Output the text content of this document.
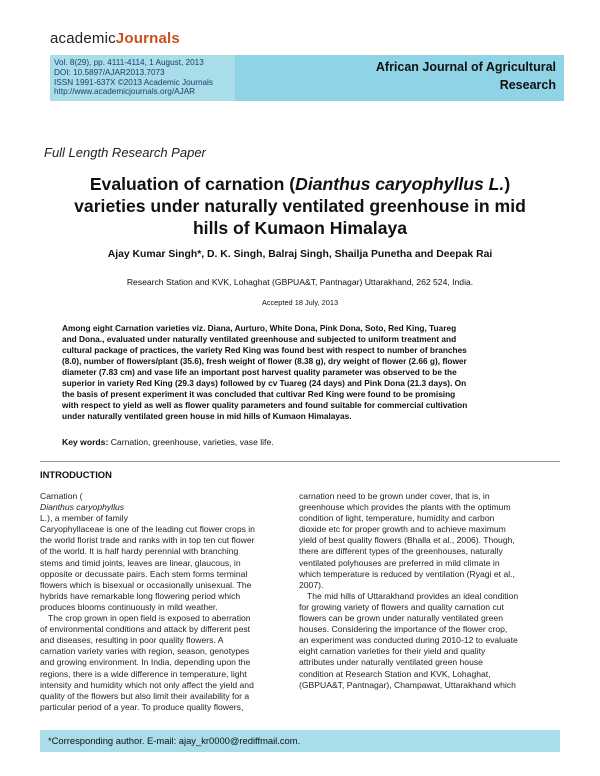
academicJournals
Vol. 8(29), pp. 4111-4114, 1 August, 2013
DOI: 10.5897/AJAR2013.7073
ISSN 1991-637X ©2013 Academic Journals
http://www.academicjournals.org/AJAR
African Journal of Agricultural
Research
Full Length Research Paper
Evaluation of carnation (Dianthus caryophyllus L.)
varieties under naturally ventilated greenhouse in mid
hills of Kumaon Himalaya
Ajay Kumar Singh*, D. K. Singh, Balraj Singh, Shailja Punetha and Deepak Rai
Research Station and KVK, Lohaghat (GBPUA&T, Pantnagar) Uttarakhand, 262 524, India.
Accepted 18 July, 2013
Among eight Carnation varieties viz. Diana, Aurturo, White Dona, Pink Dona, Soto, Red King, Tuareg
and Dona., evaluated under naturally ventilated greenhouse and subjected to uniform treatment and
cultural package of practices, the variety Red King was found best with respect to number of branches
(8.0), number of flowers/plant (35.6), fresh weight of flower (8.38 g), dry weight of flower (2.66 g), flower
diameter (7.83 cm) and vase life an important post harvest quality parameter was observed to be the
superior in variety Red King (29.3 days) followed by cv Tuareg (24 days) and Pink Dona (21.3 days). On
the basis of present experiment it was concluded that cultivar Red King were found to be promising
with respect to yield as well as flower quality parameters and found suitable for commercial cultivation
under naturally ventilated green house in mid hills of Kumaon Himalayas.
Key words: Carnation, greenhouse, varieties, vase life.
INTRODUCTION
Carnation (
Dianthus caryophyllus
L.), a member of family
Caryophyllaceae is one of the leading cut flower crops in
the world florist trade and ranks with in top ten cut flower
of the world. It is half hardy perennial with branching
stems and timid joints, leaves are linear, glaucous, in
opposite or decussate pairs. Each stem forms terminal
flowers which is bisexual or occasionally unisexual. The
hybrids have remarkable long flowering period which
produces blooms continuously in mild weather.
The crop grown in open field is exposed to aberration
of environmental conditions and attack by different pest
and diseases, resulting in poor quality flowers. A
carnation variety varies with region, season, genotypes
and growing environment. In India, depending upon the
regions, there is a wide difference in temperature, light
intensity and humidity which not only affect the yield and
quality of the flowers but also limit their availability for a
particular period of a year. To produce quality flowers,
carnation need to be grown under cover, that is, in
greenhouse which provides the plants with the optimum
condition of light, temperature, humidity and carbon
dioxide etc for proper growth and to achieve maximum
yield of best quality flowers (Bhalla et al., 2006). Though,
there are different types of the greenhouses, naturally
ventilated polyhouses are preferred in mild climate in
which temperature is reduced by ventilation (Ryagi et al.,
2007).
The mid hills of Uttarakhand provides an ideal condition
for growing variety of flowers and quality carnation cut
flowers can be grown under naturally ventilated green
houses. Considering the importance of the flower crop,
an experiment was conducted during 2010-12 to evaluate
eight carnation varieties for their yield and quality
attributes under naturally ventilated green house
condition at Research Station and KVK, Lohaghat,
(GBPUA&T, Pantnagar), Champawat, Uttarakhand which
*Corresponding author. E-mail: ajay_kr0000@rediffmail.com.
